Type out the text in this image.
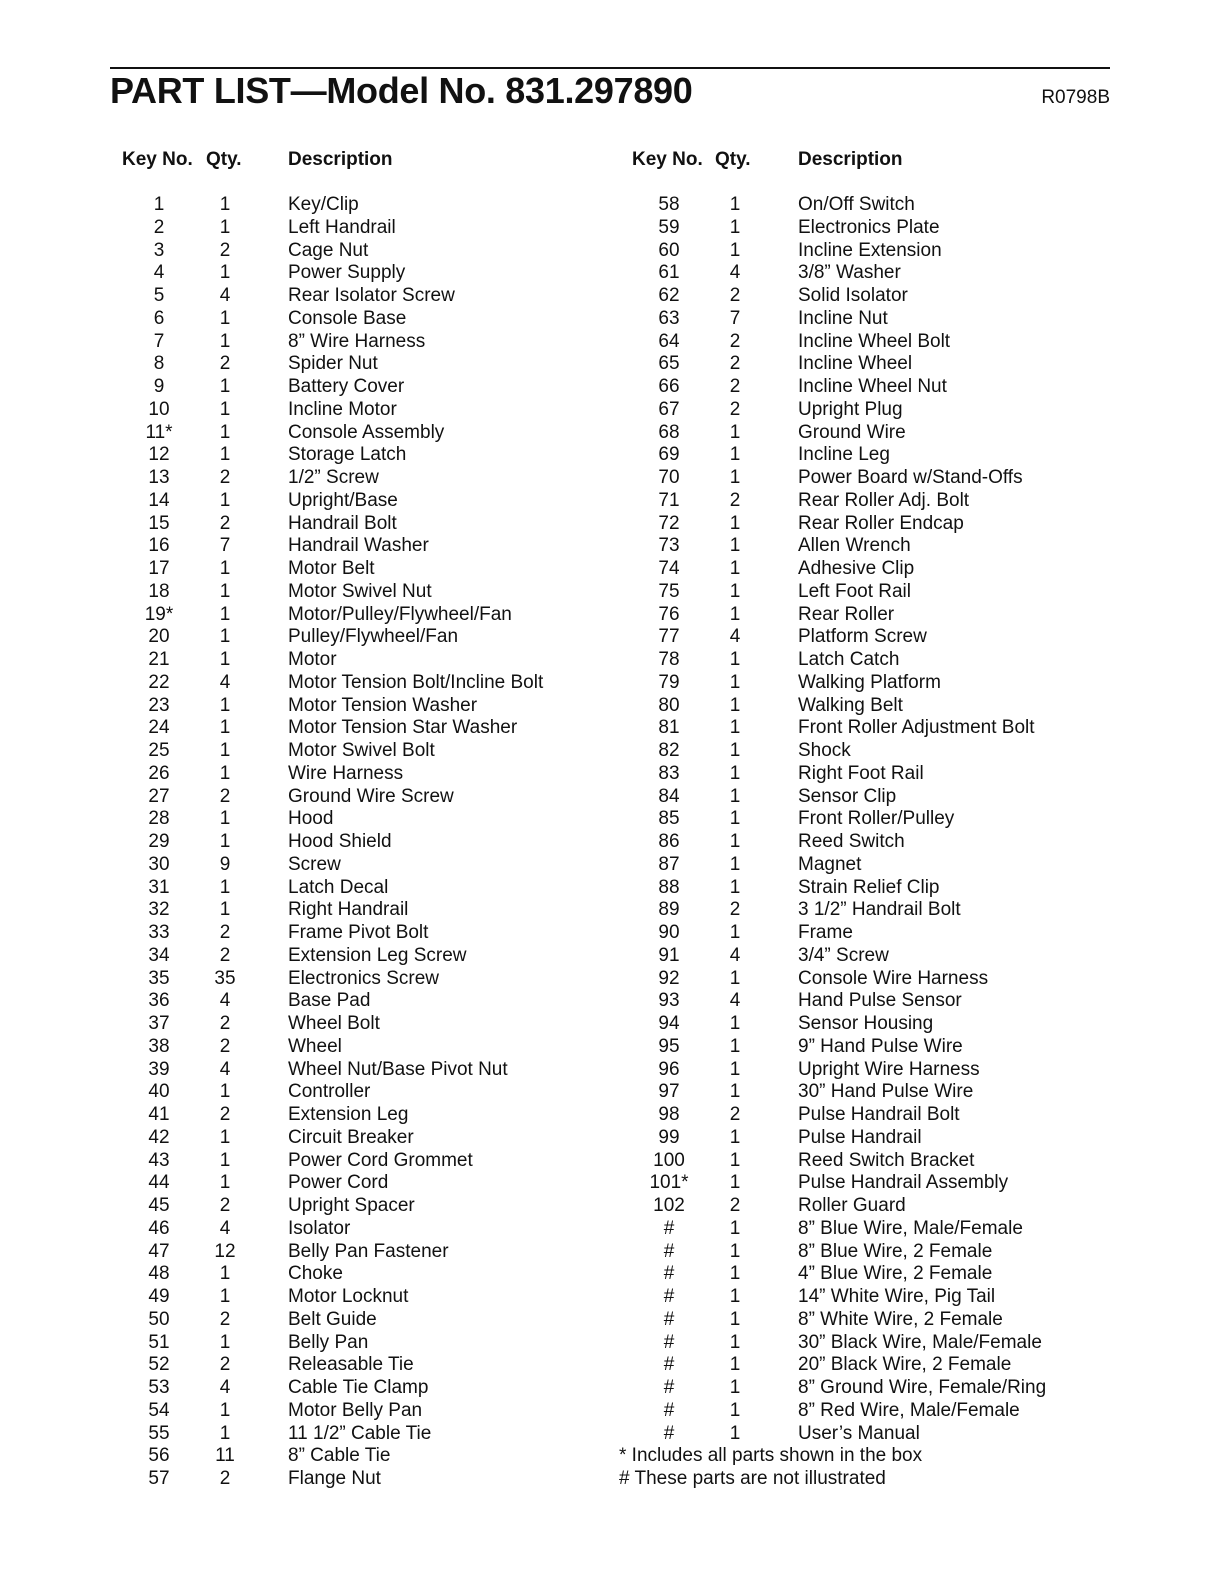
PART LIST—Model No. 831.297890	R0798B
Key No. Qty. Description	Key No. Qty. Description
1	1	Key/Clip
2	1	Left Handrail
3	2	Cage Nut
4	1	Power Supply
5	4	Rear Isolator Screw
6	1	Console Base
7	1	8” Wire Harness
8	2	Spider Nut
9	1	Battery Cover
10	1	Incline Motor
11*	1	Console Assembly
12	1	Storage Latch
13	2	1/2” Screw
14	1	Upright/Base
15	2	Handrail Bolt
16	7	Handrail Washer
17	1	Motor Belt
18	1	Motor Swivel Nut
19*	1	Motor/Pulley/Flywheel/Fan
20	1	Pulley/Flywheel/Fan
21	1	Motor
22	4	Motor Tension Bolt/Incline Bolt
23	1	Motor Tension Washer
24	1	Motor Tension Star Washer
25	1	Motor Swivel Bolt
26	1	Wire Harness
27	2	Ground Wire Screw
28	1	Hood
29	1	Hood Shield
30	9	Screw
31	1	Latch Decal
32	1	Right Handrail
33	2	Frame Pivot Bolt
34	2	Extension Leg Screw
35	35	Electronics Screw
36	4	Base Pad
37	2	Wheel Bolt
38	2	Wheel
39	4	Wheel Nut/Base Pivot Nut
40	1	Controller
41	2	Extension Leg
42	1	Circuit Breaker
43	1	Power Cord Grommet
44	1	Power Cord
45	2	Upright Spacer
46	4	Isolator
47	12	Belly Pan Fastener
48	1	Choke
49	1	Motor Locknut
50	2	Belt Guide
51	1	Belly Pan
52	2	Releasable Tie
53	4	Cable Tie Clamp
54	1	Motor Belly Pan
55	1	11 1/2” Cable Tie
56	11	8” Cable Tie
57	2	Flange Nut
58	1	On/Off Switch
59	1	Electronics Plate
60	1	Incline Extension
61	4	3/8” Washer
62	2	Solid Isolator
63	7	Incline Nut
64	2	Incline Wheel Bolt
65	2	Incline Wheel
66	2	Incline Wheel Nut
67	2	Upright Plug
68	1	Ground Wire
69	1	Incline Leg
70	1	Power Board w/Stand-Offs
71	2	Rear Roller Adj. Bolt
72	1	Rear Roller Endcap
73	1	Allen Wrench
74	1	Adhesive Clip
75	1	Left Foot Rail
76	1	Rear Roller
77	4	Platform Screw
78	1	Latch Catch
79	1	Walking Platform
80	1	Walking Belt
81	1	Front Roller Adjustment Bolt
82	1	Shock
83	1	Right Foot Rail
84	1	Sensor Clip
85	1	Front Roller/Pulley
86	1	Reed Switch
87	1	Magnet
88	1	Strain Relief Clip
89	2	3 1/2” Handrail Bolt
90	1	Frame
91	4	3/4” Screw
92	1	Console Wire Harness
93	4	Hand Pulse Sensor
94	1	Sensor Housing
95	1	9” Hand Pulse Wire
96	1	Upright Wire Harness
97	1	30” Hand Pulse Wire
98	2	Pulse Handrail Bolt
99	1	Pulse Handrail
100	1	Reed Switch Bracket
101*	1	Pulse Handrail Assembly
102	2	Roller Guard
#	1	8” Blue Wire, Male/Female
#	1	8” Blue Wire, 2 Female
#	1	4” Blue Wire, 2 Female
#	1	14” White Wire, Pig Tail
#	1	8” White Wire, 2 Female
#	1	30” Black Wire, Male/Female
#	1	20” Black Wire, 2 Female
#	1	8” Ground Wire, Female/Ring
#	1	8” Red Wire, Male/Female
#	1	User’s Manual
* Includes all parts shown in the box
# These parts are not illustrated
